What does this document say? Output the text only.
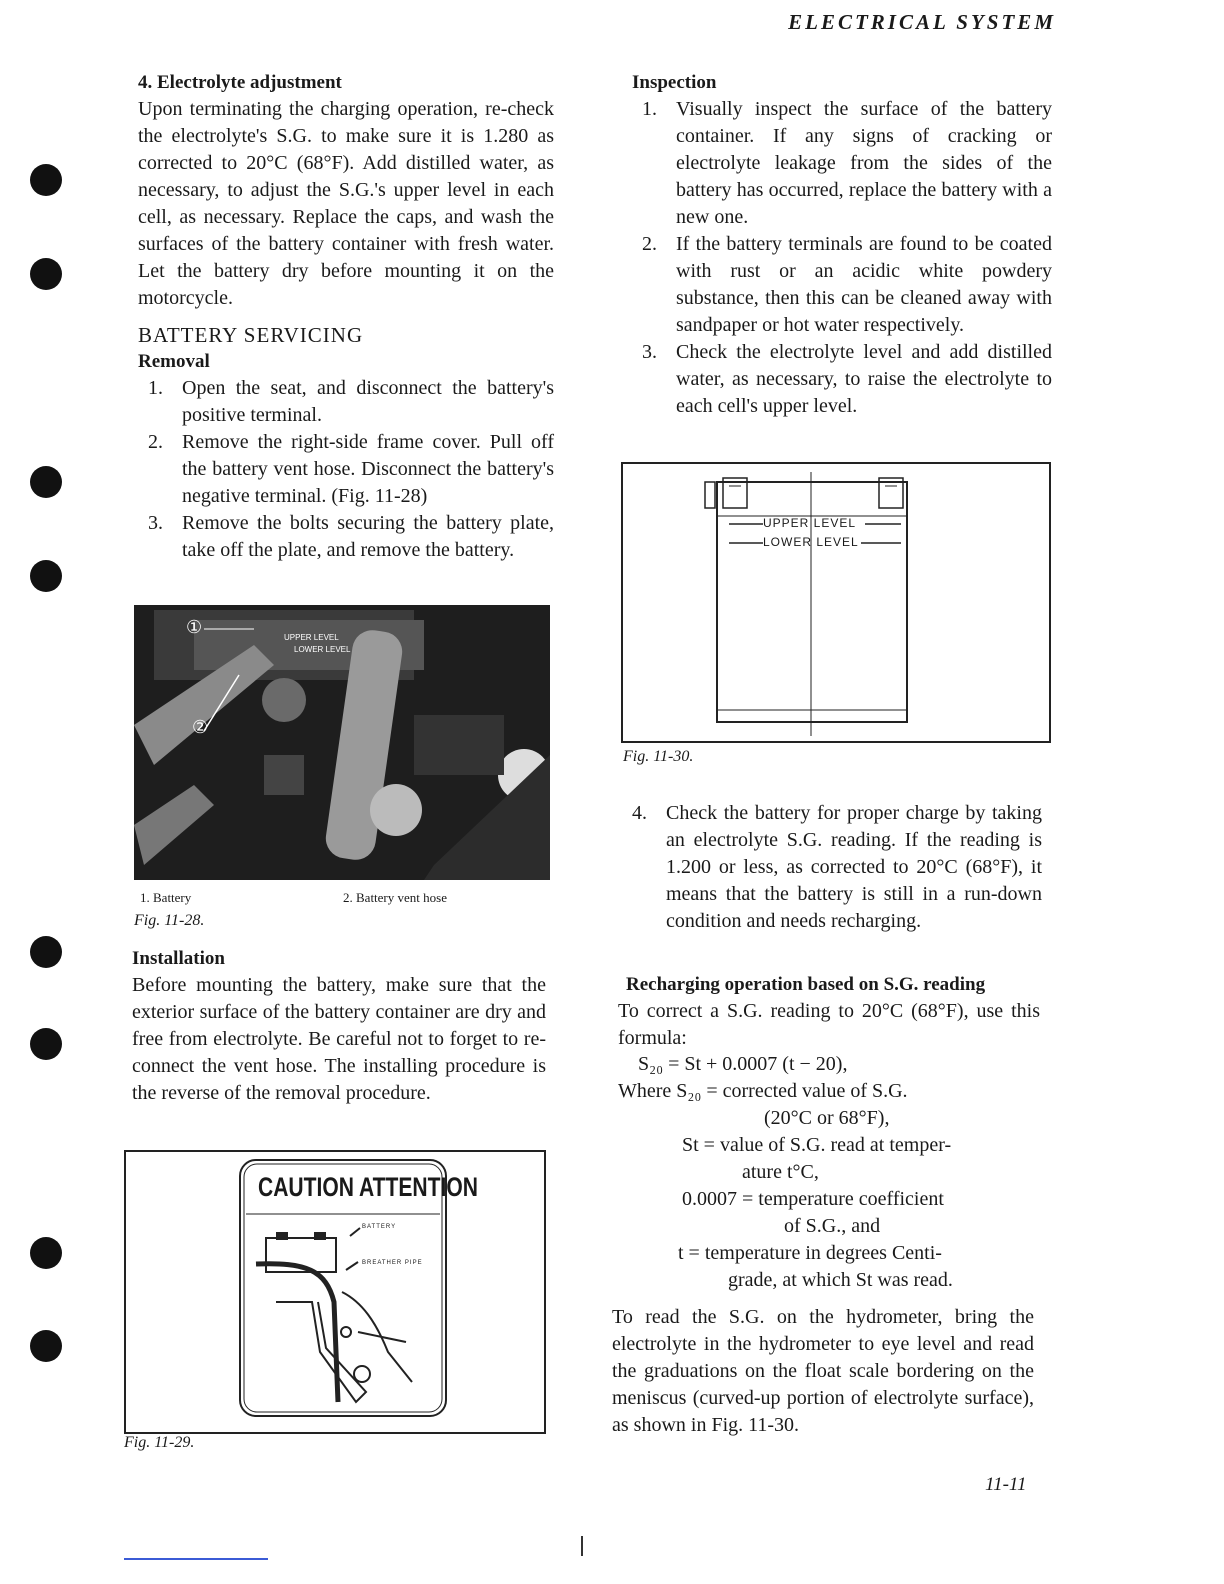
ELECTRICAL SYSTEM
11-11
4. Electrolyte adjustment

Upon terminating the charging operation, re-check the electrolyte's S.G. to make sure it is 1.280 as corrected to 20°C (68°F). Add distilled water, as necessary, to adjust the S.G.'s upper level in each cell, as necessary. Replace the caps, and wash the surfaces of the battery container with fresh water. Let the battery dry before mounting it on the motorcycle.

BATTERY SERVICING
Removal
1. Open the seat, and disconnect the battery's positive terminal.
2. Remove the right-side frame cover. Pull off the battery vent hose. Disconnect the battery's negative terminal. (Fig. 11-28)
3. Remove the bolts securing the battery plate, take off the plate, and remove the battery.
UPPER LEVEL
LOWER LEVEL
①
②
1. Battery	2. Battery vent hose
Fig. 11-28.
Installation

Before mounting the battery, make sure that the exterior surface of the battery container are dry and free from electrolyte. Be careful not to forget to re-connect the vent hose. The installing procedure is the reverse of the removal procedure.

CAUTION ATTENTION
BATTERY
BREATHER PIPE
Fig. 11-29.
Inspection
1. Visually inspect the surface of the battery container. If any signs of cracking or electrolyte leakage from the sides of the battery has occurred, replace the battery with a new one.
2. If the battery terminals are found to be coated with rust or an acidic white powdery substance, then this can be cleaned away with sandpaper or hot water respectively.
3. Check the electrolyte level and add distilled water, as necessary, to raise the electrolyte to each cell's upper level.
UPPER LEVEL
LOWER LEVEL
Fig. 11-30.
4. Check the battery for proper charge by taking an electrolyte S.G. reading. If the reading is 1.200 or less, as corrected to 20°C (68°F), it means that the battery is still in a run-down condition and needs recharging.
Recharging operation based on S.G. reading

To correct a S.G. reading to 20°C (68°F), use this formula:

S₂₀ = St + 0.0007 (t − 20),
Where S₂₀ = corrected value of S.G.
(20°C or 68°F),
St = value of S.G. read at temper-
ature t°C,
0.0007 = temperature coefficient
of S.G., and
t = temperature in degrees Centi-
grade, at which St was read.

To read the S.G. on the hydrometer, bring the electrolyte in the hydrometer to eye level and read the graduations on the float scale bordering on the meniscus (curved-up portion of electrolyte surface), as shown in Fig. 11-30.
